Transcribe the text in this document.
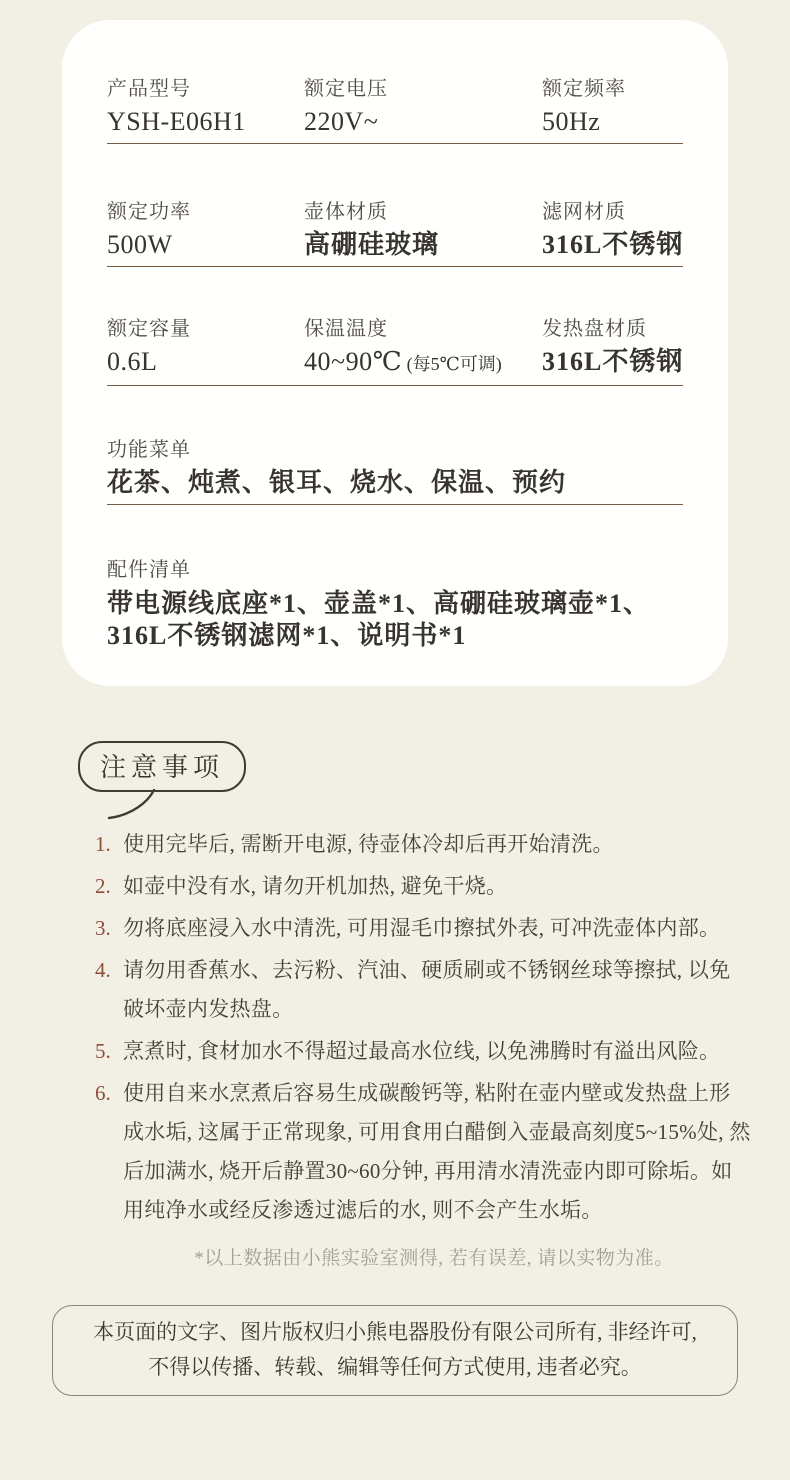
产品型号
YSH-E06H1
额定电压
220V~
额定频率
50Hz
额定功率
500W
壶体材质
高硼硅玻璃
滤网材质
316L不锈钢
额定容量
0.6L
保温温度
40~90℃ (每5℃可调)
发热盘材质
316L不锈钢
功能菜单
花茶、炖煮、银耳、烧水、保温、预约
配件清单
带电源线底座*1、壶盖*1、高硼硅玻璃壶*1、316L不锈钢滤网*1、说明书*1
注意事项
1. 使用完毕后, 需断开电源, 待壶体冷却后再开始清洗。
2. 如壶中没有水, 请勿开机加热, 避免干烧。
3. 勿将底座浸入水中清洗, 可用湿毛巾擦拭外表, 可冲洗壶体内部。
4. 请勿用香蕉水、去污粉、汽油、硬质刷或不锈钢丝球等擦拭, 以免破坏壶内发热盘。
5. 烹煮时, 食材加水不得超过最高水位线, 以免沸腾时有溢出风险。
6. 使用自来水烹煮后容易生成碳酸钙等, 粘附在壶内壁或发热盘上形成水垢, 这属于正常现象, 可用食用白醋倒入壶最高刻度5~15%处, 然后加满水, 烧开后静置30~60分钟, 再用清水清洗壶内即可除垢。如用纯净水或经反渗透过滤后的水, 则不会产生水垢。
*以上数据由小熊实验室测得, 若有误差, 请以实物为准。
本页面的文字、图片版权归小熊电器股份有限公司所有, 非经许可,
不得以传播、转载、编辑等任何方式使用, 违者必究。
